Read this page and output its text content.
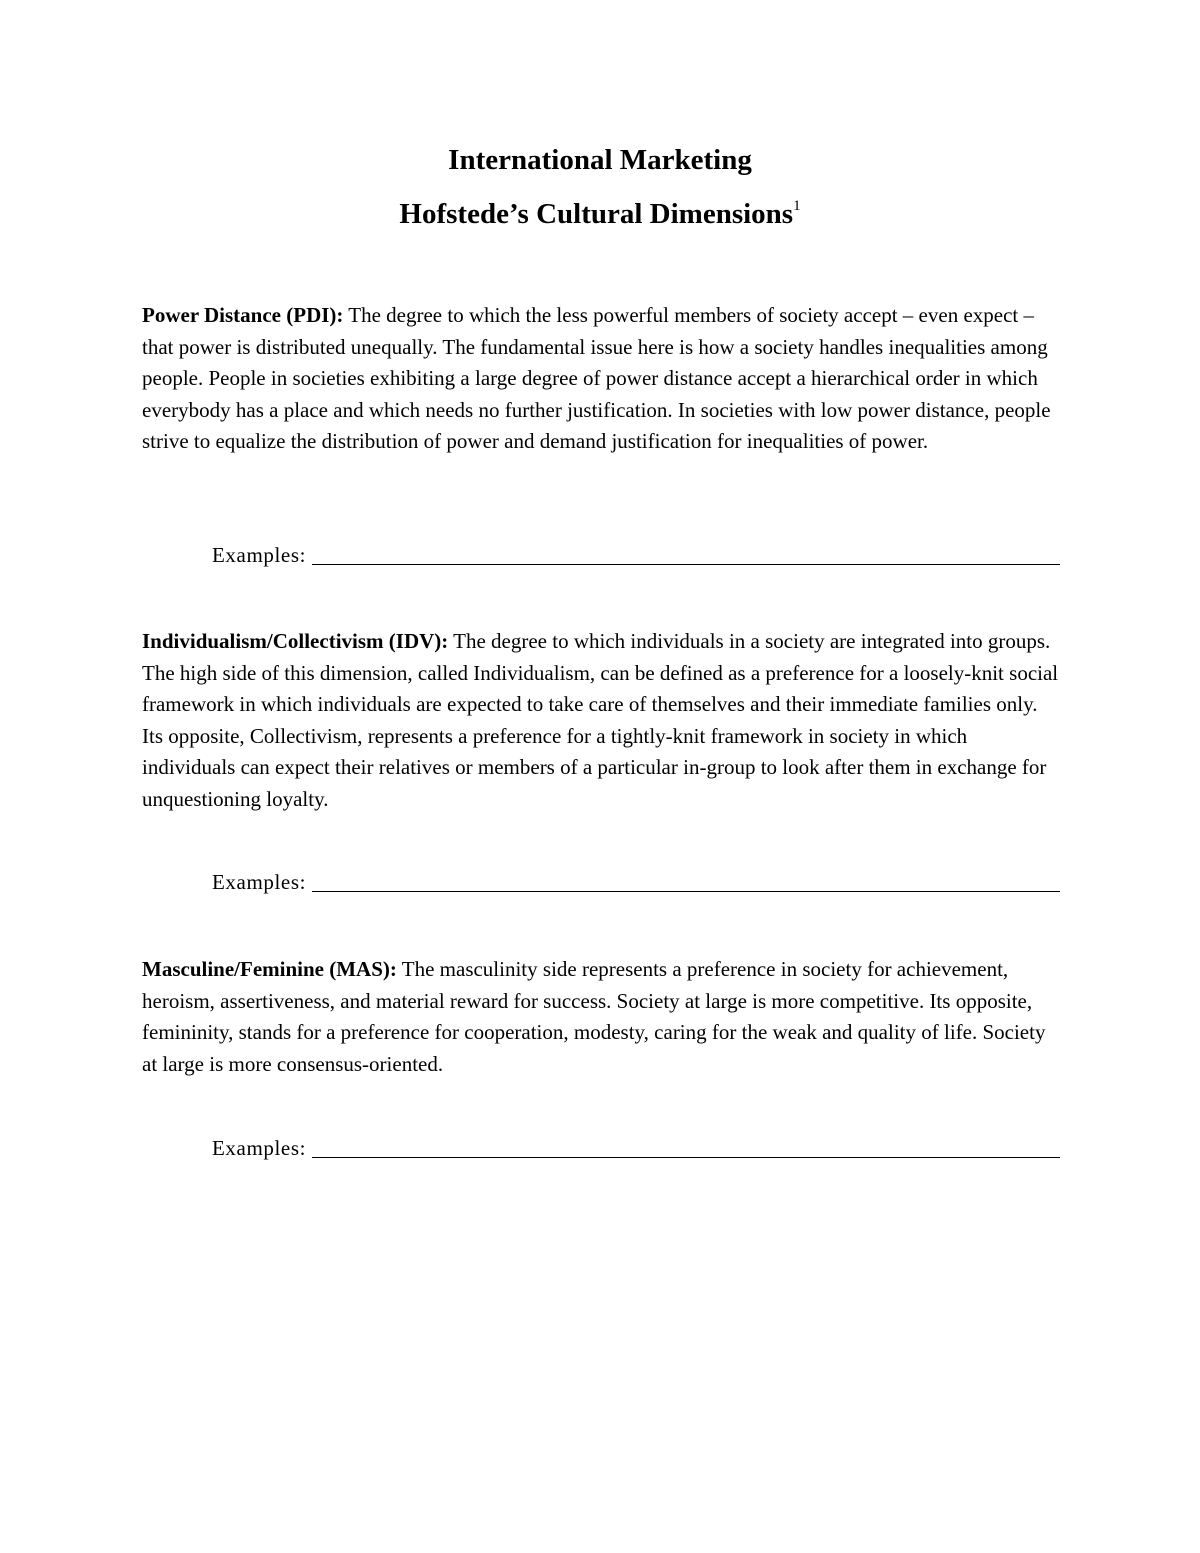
International Marketing
Hofstede’s Cultural Dimensions$^1$
Power Distance (PDI): The degree to which the less powerful members of society accept – even expect – that power is distributed unequally. The fundamental issue here is how a society handles inequalities among people. People in societies exhibiting a large degree of power distance accept a hierarchical order in which everybody has a place and which needs no further justification. In societies with low power distance, people strive to equalize the distribution of power and demand justification for inequalities of power.
Examples:
Individualism/Collectivism (IDV): The degree to which individuals in a society are integrated into groups. The high side of this dimension, called Individualism, can be defined as a preference for a loosely-knit social framework in which individuals are expected to take care of themselves and their immediate families only. Its opposite, Collectivism, represents a preference for a tightly-knit framework in society in which individuals can expect their relatives or members of a particular in-group to look after them in exchange for unquestioning loyalty.
Examples:
Masculine/Feminine (MAS): The masculinity side represents a preference in society for achievement, heroism, assertiveness, and material reward for success. Society at large is more competitive. Its opposite, femininity, stands for a preference for cooperation, modesty, caring for the weak and quality of life. Society at large is more consensus-oriented.
Examples:
